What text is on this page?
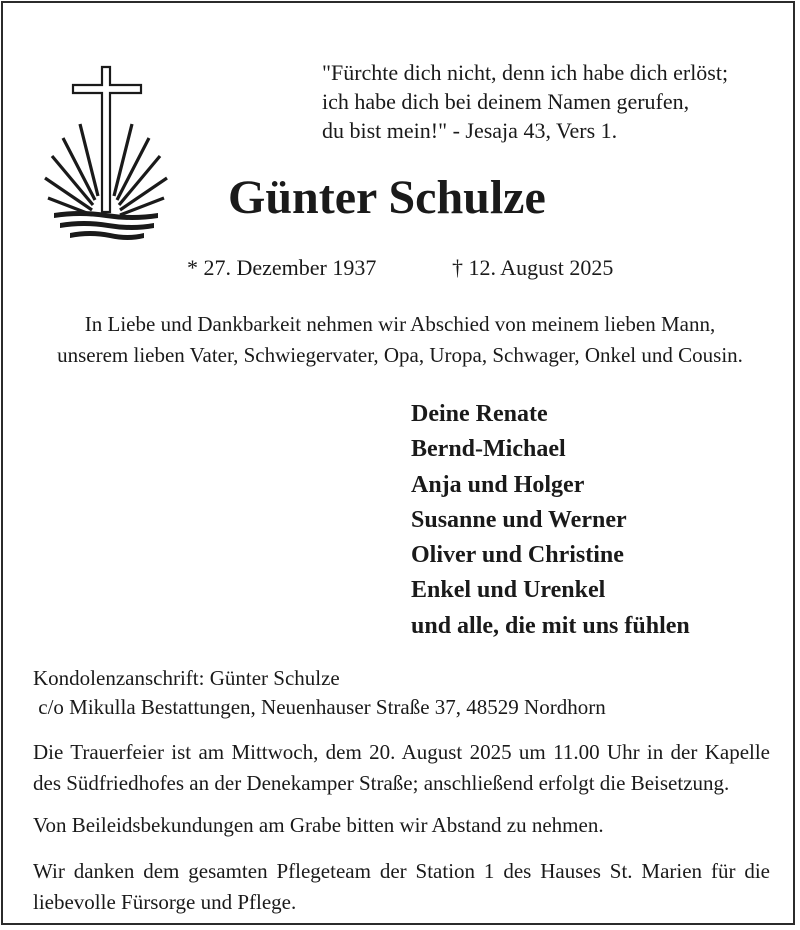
"Fürchte dich nicht, denn ich habe dich erlöst;
ich habe dich bei deinem Namen gerufen,
du bist mein!" - Jesaja 43, Vers 1.
Günter Schulze
* 27. Dezember 1937	† 12. August 2025
In Liebe und Dankbarkeit nehmen wir Abschied von meinem lieben Mann,
unserem lieben Vater, Schwiegervater, Opa, Uropa, Schwager, Onkel und Cousin.
Deine Renate
Bernd-Michael
Anja und Holger
Susanne und Werner
Oliver und Christine
Enkel und Urenkel
und alle, die mit uns fühlen
Kondolenzanschrift: Günter Schulze
c/o Mikulla Bestattungen, Neuenhauser Straße 37, 48529 Nordhorn
Die Trauerfeier ist am Mittwoch, dem 20. August 2025 um 11.00 Uhr in der Kapelle des Südfriedhofes an der Denekamper Straße; anschließend erfolgt die Beisetzung.
Von Beileidsbekundungen am Grabe bitten wir Abstand zu nehmen.
Wir danken dem gesamten Pflegeteam der Station 1 des Hauses St. Marien für die liebevolle Fürsorge und Pflege.
